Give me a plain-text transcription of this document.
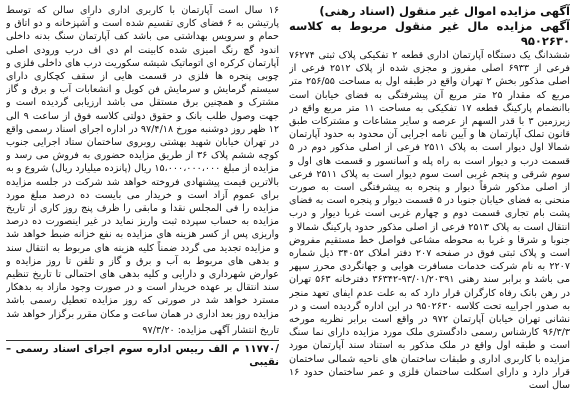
آگهی مزایده اموال غیر منقول (اسناد رهنی)

آگهی مزایده مال غیر منقول مربوط به کلاسه ۹۵۰۲۶۳۰

ششدانگ یک دستگاه آپارتمان اداری قطعه ۲ تفکیکی پلاک ثبتی ۷۶۲۷۴ فرعی از ۶۹۳۳ اصلی مفروز و مجزی شده از پلاک ۲۵۱۲ فرعی از اصلی مذکور بخش ۲ تهران واقع در طبقه اول به مساحت ۲۵۶/۵۵ متر مربع که مقدار ۲۵ متر مربع آن پیشرفتگی به فضای خیابان است باانضمام پارکینگ قطعه ۱۷ تفکیکی به مساحت ۱۱ متر مربع واقع در زیرزمین ۳ با قدر السهم از عرصه و سایر مشاعات و مشترکات طبق قانون تملک آپارتمان ها و آیین نامه اجرایی آن محدود به حدود آپارتمان شمالا اول دیوار است به پلاک ۲۵۱۱ فرعی از اصلی مذکور دوم در ۵ قسمت درب و دیوار است به راه پله و آسانسور و قسمت های اول و سوم شرقی و پنجم غربی است سوم دیوار است به پلاک ۲۵۱۱ فرعی از اصلی مذکور شرقاً دیوار و پنجره به پیشرفتگی است به صورت منحنی به فضای خیابان جنوبا در ۵ قسمت دیوار و پنجره است به فضای پشت بام تجاری قسمت دوم و چهارم غربی است غربا دیوار و درب انتقال است به پلاک ۲۵۱۳ فرعی از اصلی مذکور حدود پارکینگ شمالا و جنوبا و شرقا و غربا به محوطه مشاعی فواصل خط مستقیم مفروض است و پلاک ثبتی فوق در صفحه ۲۰۷ دفتر املاک ۳۴۰۵۲ ذیل شماره ۲۲۰۷ به نام شرکت خدمات مسافرت هوایی و جهانگردی محرز سپهر می باشد و برابر سند رهنی ۹۳/۰۱/۲۰۳۹۱-۳۶۳۴۲ دفترخانه ۵۶۳ تهران در رهن بانک رفاه کارگران قرار دارد که به علت عدم ایفای تعهد منجر به صدور اجراییه تحت کلاسه ۹۵۰۲۶۳۰ در این اداره گردیده است و در نشانی تهران خیابان آپارتمان ۹۷۲ در واقع است برابر نظریه مورخه ۹۶/۳/۳ کارشناس رسمی دادگستری ملک مورد مزایده دارای نما سنگ است و طبقه اول واقع در ملک مذکور به استناد سند آپارتمان مورد مزایده با کاربری اداری و طبقات ساختمان های ناحیه شمالی ساختمان قرار دارد و دارای اسکلت ساختمان فلزی و عمر ساختمان حدود ۱۶ سال است

۱۶ سال است آپارتمان با کاربری اداری دارای سالن که توسط پارتیشن به ۶ فضای کاری تقسیم شده است و آشپزخانه و دو اتاق و حمام و سرویس بهداشتی می باشد کف آپارتمان سنگ بدنه داخلی اندود گچ رنگ امیزی شده کابینت ام دی اف درب ورودی اصلی آپارتمان کرکره ای اتوماتیک شیشه سکوریت درب های داخلی فلزی و چوبی پنجره ها فلزی در قسمت هایی از سقف کچکاری دارای سیستم گرمایش و سرمایش فن کویل و انشعابات آب و برق و گاز مشترک و همچنین برق مستقل می باشد ارزیابی گردیده است و جهت وصول طلب بانک و حقوق دولتی کلاسه فوق از ساعت ۹ الی ۱۲ ظهر روز دوشنبه مورخ ۹۷/۴/۱۸ در اداره اجرای اسناد رسمی واقع در تهران خیابان شهید بهشتی روبروی ساختمان ستاد اجرایی جنوب کوچه ششم پلاک ۳۶ از طریق مزایده حضوری به فروش می رسد و مزایده از مبلغ ۱۵،۰۰۰،۰۰۰،۰۰۰ ریال (پانزده میلیارد ریال) شروع و به بالاترین قیمت پیشنهادی فروخته خواهد شد شرکت در جلسه مزایده برای عموم آزاد است و خریدار می بایست ده درصد مبلغ مورد مزایده را فی المجلس نقدا و مابقی را ظرف پنج روز کاری از تاریخ مزایده به حساب سپرده ثبت واریز نماید در غیر اینصورت ده درصد واریزی پس از کسر هزینه های مزایده به نفع خزانه ضبط خواهد شد و مزایده تجدید می گردد ضمناً کلیه هزینه های مربوط به انتقال سند و بدهی های مربوط به آب و برق و گاز و تلفن تا روز مزایده و عوارض شهرداری و دارایی و کلیه بدهی های احتمالی تا تاریخ تنظیم سند انتقال بر عهده خریدار است و در صورت وجود مازاد به بدهکار مسترد خواهد شد در صورتی که روز مزایده تعطیل رسمی باشد مزایده روز بعد اداری در همان ساعت و مکان مقرر برگزار خواهد شد

تاریخ انتشار آگهی مزایده: ۹۷/۳/۲۰

/۱۱۷۷۰ م الف رییس اداره سوم اجرای اسناد رسمی – نقیبی
